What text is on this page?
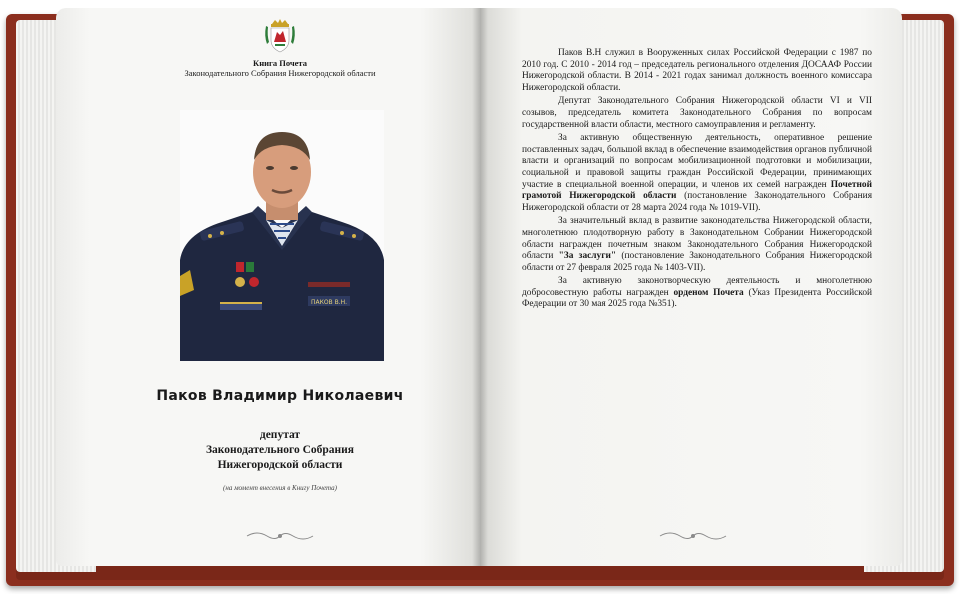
Книга Почета
Законодательного Собрания Нижегородской области
ПАКОВ В.Н.
Паков Владимир Николаевич
депутат
Законодательного Собрания
Нижегородской области
(на момент внесения в Книгу Почета)

Паков В.Н служил в Вооруженных силах Российской Федерации с 1987 по 2010 год. С 2010 - 2014 год – председатель регионального отделения ДОСААФ России Нижегородской области. В 2014 - 2021 годах занимал должность военного комиссара Нижегородской области.

Депутат Законодательного Собрания Нижегородской области VI и VII созывов, председатель комитета Законодательного Собрания по вопросам государственной власти области, местного самоуправления и регламенту.

За активную общественную деятельность, оперативное решение поставленных задач, большой вклад в обеспечение взаимодействия органов публичной власти и организаций по вопросам мобилизационной подготовки и мобилизации, социальной и правовой защиты граждан Российской Федерации, принимающих участие в специальной военной операции, и членов их семей награжден Почетной грамотой Нижегородской области (постановление Законодательного Собрания Нижегородской области от 28 марта 2024 года № 1019-VII).

За значительный вклад в развитие законодательства Нижегородской области, многолетнюю плодотворную работу в Законодательном Собрании Нижегородской области награжден почетным знаком Законодательного Собрания Нижегородской области "За заслуги" (постановление Законодательного Собрания Нижегородской области от 27 февраля 2025 года № 1403-VII).

За активную законотворческую деятельность и многолетнюю добросовестную работы награжден орденом Почета (Указ Президента Российской Федерации от 30 мая 2025 года №351).
